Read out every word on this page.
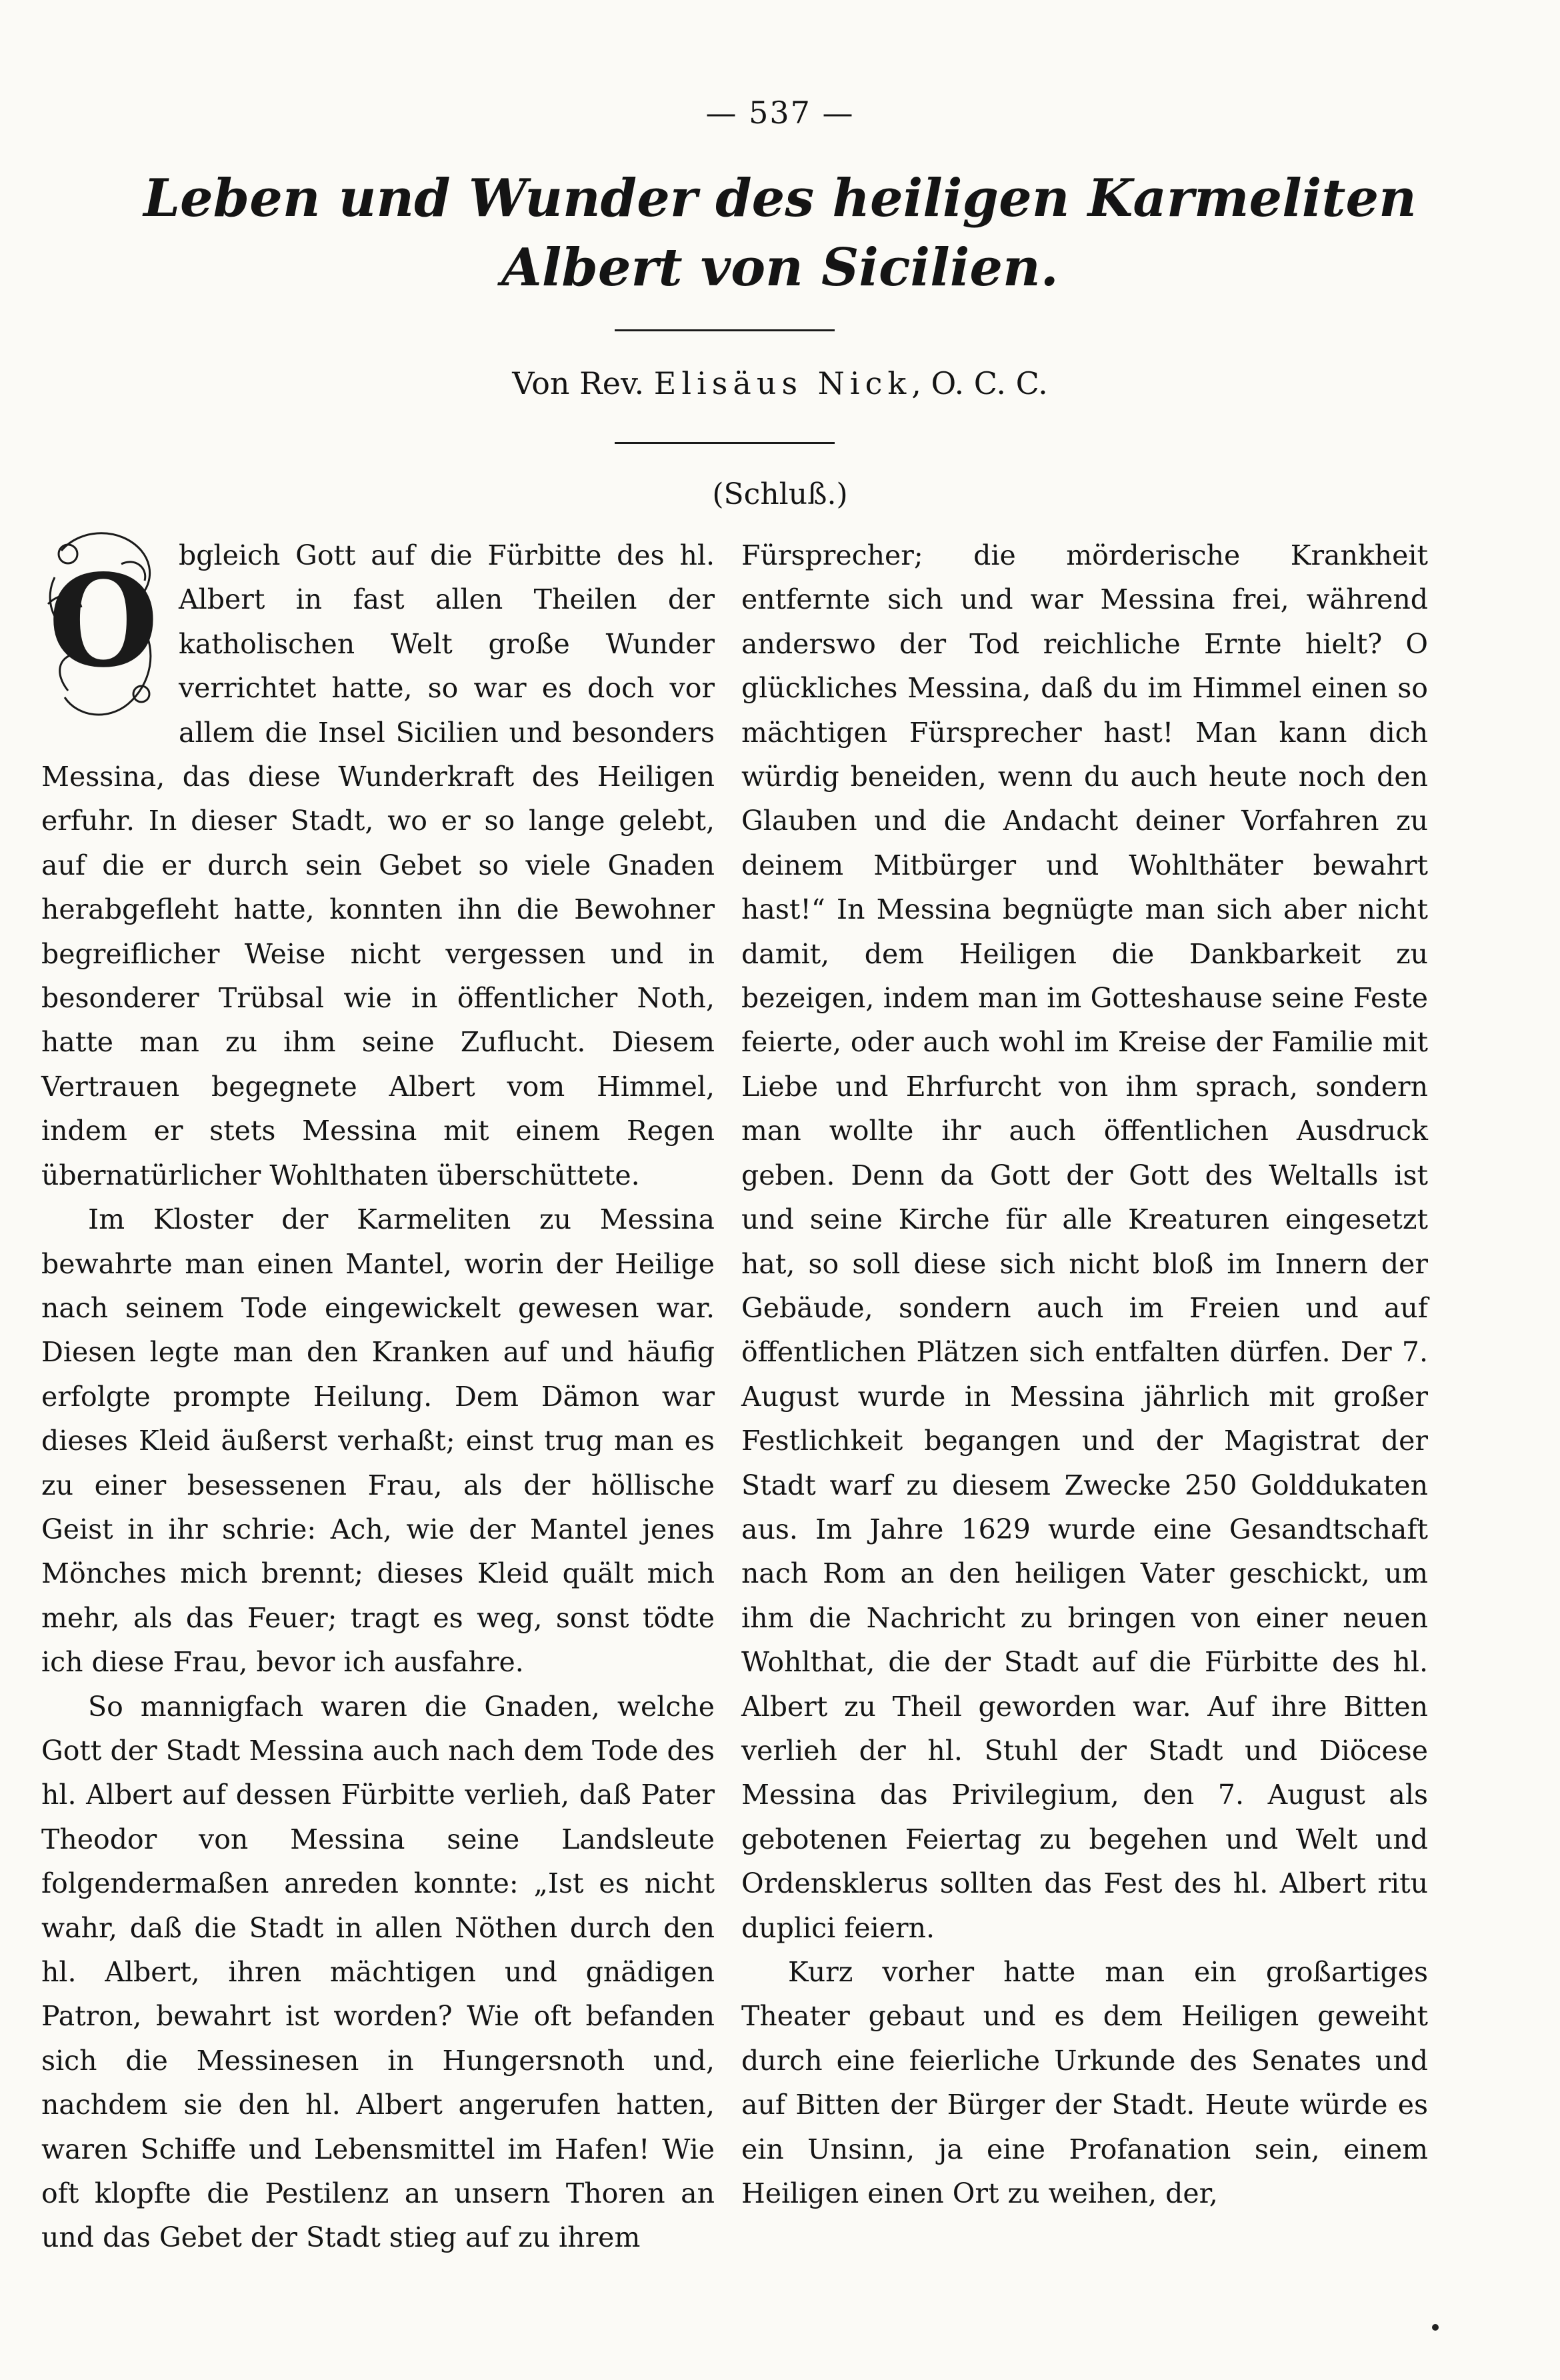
— 537 —
Leben und Wunder des heiligen Karmeliten
Albert von Sicilien.
Von Rev. Elisäus Nick, O. C. C.
(Schluß.)

O bgleich Gott auf die Fürbitte des hl. Albert in fast allen Theilen der katholischen Welt große Wunder verrichtet hatte, so war es doch vor allem die Insel Sicilien und besonders Messina, das diese Wunderkraft des Heiligen erfuhr. In dieser Stadt, wo er so lange gelebt, auf die er durch sein Gebet so viele Gnaden herabgefleht hatte, konnten ihn die Bewohner begreiflicher Weise nicht vergessen und in besonderer Trübsal wie in öffentlicher Noth, hatte man zu ihm seine Zuflucht. Diesem Vertrauen begegnete Albert vom Himmel, indem er stets Messina mit einem Regen übernatürlicher Wohlthaten überschüttete.

Im Kloster der Karmeliten zu Messina bewahrte man einen Mantel, worin der Heilige nach seinem Tode eingewickelt gewesen war. Diesen legte man den Kranken auf und häufig erfolgte prompte Heilung. Dem Dämon war dieses Kleid äußerst verhaßt; einst trug man es zu einer besessenen Frau, als der höllische Geist in ihr schrie: Ach, wie der Mantel jenes Mönches mich brennt; dieses Kleid quält mich mehr, als das Feuer; tragt es weg, sonst tödte ich diese Frau, bevor ich ausfahre.

So mannigfach waren die Gnaden, welche Gott der Stadt Messina auch nach dem Tode des hl. Albert auf dessen Fürbitte verlieh, daß Pater Theodor von Messina seine Landsleute folgendermaßen anreden konnte: „Ist es nicht wahr, daß die Stadt in allen Nöthen durch den hl. Albert, ihren mächtigen und gnädigen Patron, bewahrt ist worden? Wie oft befanden sich die Messinesen in Hungersnoth und, nachdem sie den hl. Albert angerufen hatten, waren Schiffe und Lebensmittel im Hafen! Wie oft klopfte die Pestilenz an unsern Thoren an und das Gebet der Stadt stieg auf zu ihrem

Fürsprecher; die mörderische Krankheit entfernte sich und war Messina frei, während anderswo der Tod reichliche Ernte hielt? O glückliches Messina, daß du im Himmel einen so mächtigen Fürsprecher hast! Man kann dich würdig beneiden, wenn du auch heute noch den Glauben und die Andacht deiner Vorfahren zu deinem Mitbürger und Wohlthäter bewahrt hast!“ In Messina begnügte man sich aber nicht damit, dem Heiligen die Dankbarkeit zu bezeigen, indem man im Gotteshause seine Feste feierte, oder auch wohl im Kreise der Familie mit Liebe und Ehrfurcht von ihm sprach, sondern man wollte ihr auch öffentlichen Ausdruck geben. Denn da Gott der Gott des Weltalls ist und seine Kirche für alle Kreaturen eingesetzt hat, so soll diese sich nicht bloß im Innern der Gebäude, sondern auch im Freien und auf öffentlichen Plätzen sich entfalten dürfen. Der 7. August wurde in Messina jährlich mit großer Festlichkeit begangen und der Magistrat der Stadt warf zu diesem Zwecke 250 Golddukaten aus. Im Jahre 1629 wurde eine Gesandtschaft nach Rom an den heiligen Vater geschickt, um ihm die Nachricht zu bringen von einer neuen Wohlthat, die der Stadt auf die Fürbitte des hl. Albert zu Theil geworden war. Auf ihre Bitten verlieh der hl. Stuhl der Stadt und Diöcese Messina das Privilegium, den 7. August als gebotenen Feiertag zu begehen und Welt und Ordensklerus sollten das Fest des hl. Albert ritu duplici feiern.

Kurz vorher hatte man ein großartiges Theater gebaut und es dem Heiligen geweiht durch eine feierliche Urkunde des Senates und auf Bitten der Bürger der Stadt. Heute würde es ein Unsinn, ja eine Profanation sein, einem Heiligen einen Ort zu weihen, der,
